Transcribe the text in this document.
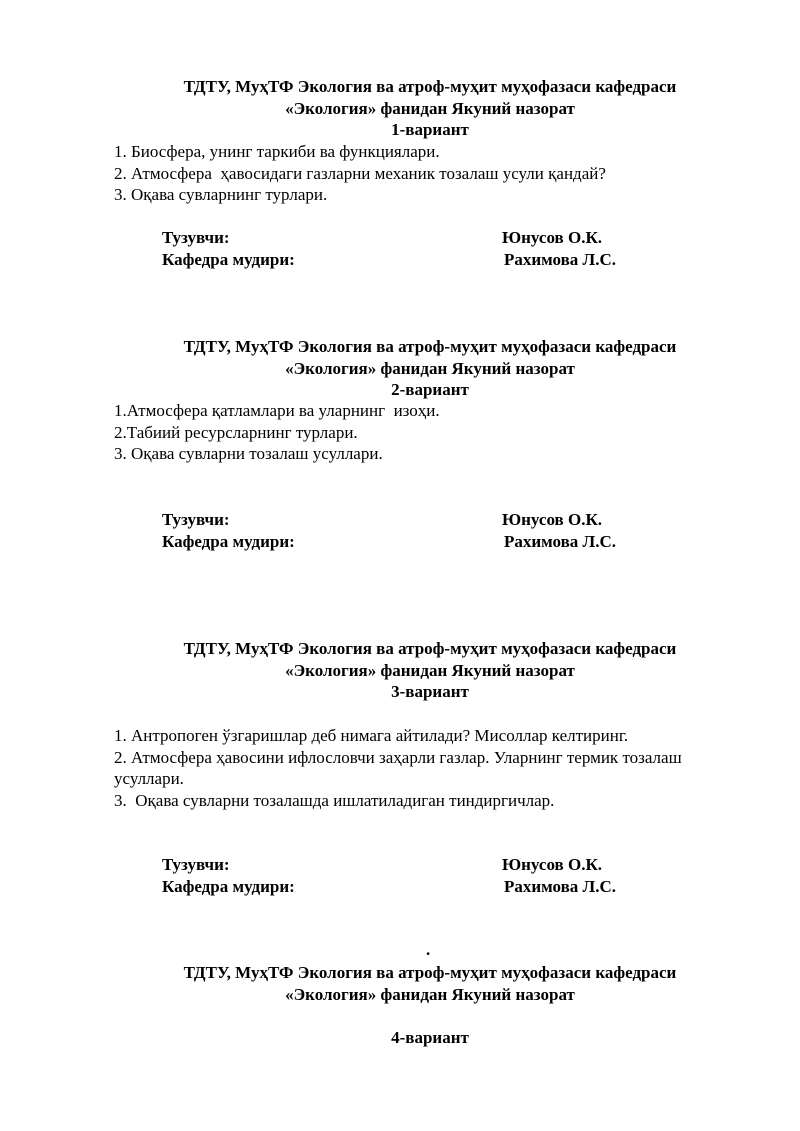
ТДТУ, МуҳТФ Экология ва атроф-муҳит муҳофазаси кафедраси
«Экология» фанидан Якуний назорат
1-вариант
1. Биосфера, унинг таркиби ва функциялари.
2. Атмосфера  ҳавосидаги газларни механик тозалаш усули қандай?
3. Оқава сувларнинг турлари.
Тузувчи:	Юнусов О.К.
Кафедра мудири:	Рахимова Л.С.
ТДТУ, МуҳТФ Экология ва атроф-муҳит муҳофазаси кафедраси
«Экология» фанидан Якуний назорат
2-вариант
1.Атмосфера қатламлари ва уларнинг  изоҳи.
2.Табиий ресурсларнинг турлари.
3. Оқава сувларни тозалаш усуллари.
Тузувчи:	Юнусов О.К.
Кафедра мудири:	Рахимова Л.С.
ТДТУ, МуҳТФ Экология ва атроф-муҳит муҳофазаси кафедраси
«Экология» фанидан Якуний назорат
3-вариант
1. Антропоген ўзгаришлар деб нимага айтилади? Мисоллар келтиринг.
2. Атмосфера ҳавосини ифлословчи заҳарли газлар. Уларнинг термик тозалаш усуллари.
3.  Оқава сувларни тозалашда ишлатиладиган тиндиргичлар.
Тузувчи:	Юнусов О.К.
Кафедра мудири:	Рахимова Л.С.
.
ТДТУ, МуҳТФ Экология ва атроф-муҳит муҳофазаси кафедраси
«Экология» фанидан Якуний назорат
4-вариант
